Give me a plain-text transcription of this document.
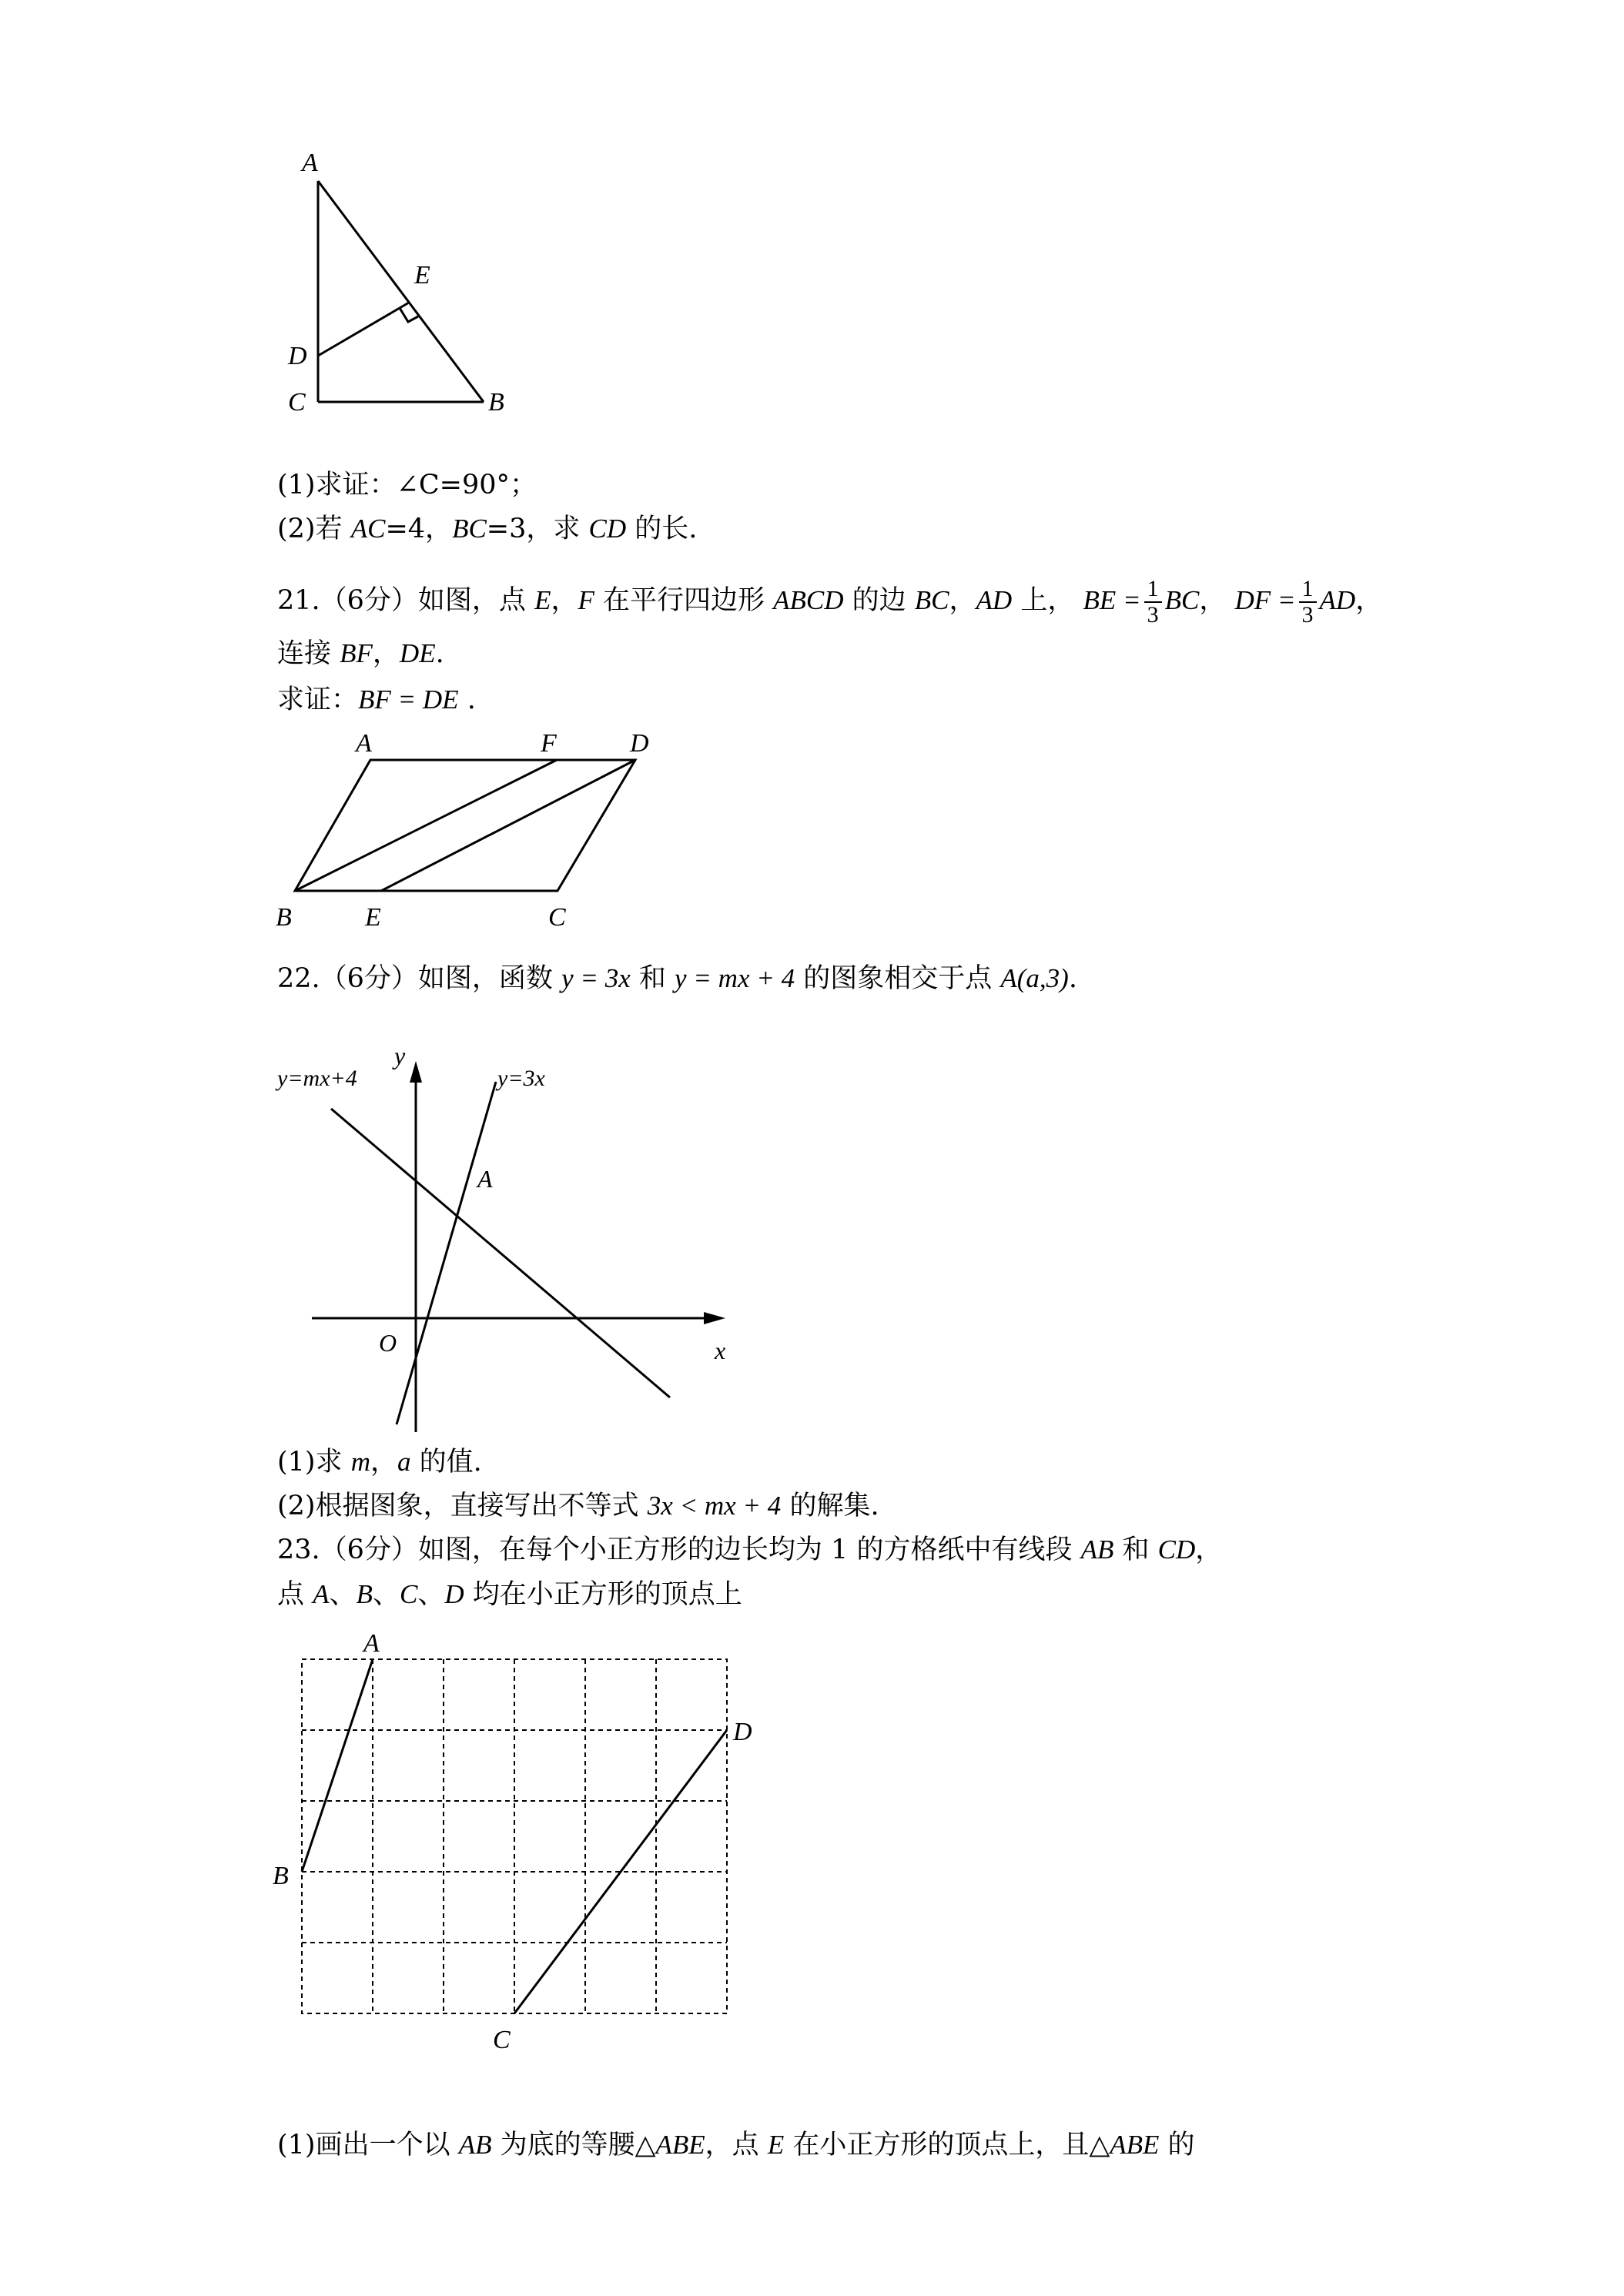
A
E
D
C	B
(1)求证：∠C=90°；
(2)若 AC=4，BC=3，求 CD 的长.
21.（6分）如图，点 E，F 在平行四边形 ABCD 的边 BC，AD 上， BE = $\frac{1}{3}$ BC， DF = $\frac{1}{3}$ AD，
连接 BF，DE.
求证：BF = DE .
A	F	D
B	E	C
22.（6分）如图，函数 y = 3x 和 y = mx + 4 的图象相交于点 A(a,3).
y
x
O
A
y=mx+4	y=3x
(1)求 m，a 的值.
(2)根据图象，直接写出不等式 3x < mx + 4 的解集.
23.（6分）如图，在每个小正方形的边长均为 1 的方格纸中有线段 AB 和 CD，
点 A、B、C、D 均在小正方形的顶点上
A
D
B
C
(1)画出一个以 AB 为底的等腰△ABE，点 E 在小正方形的顶点上，且△ABE 的
